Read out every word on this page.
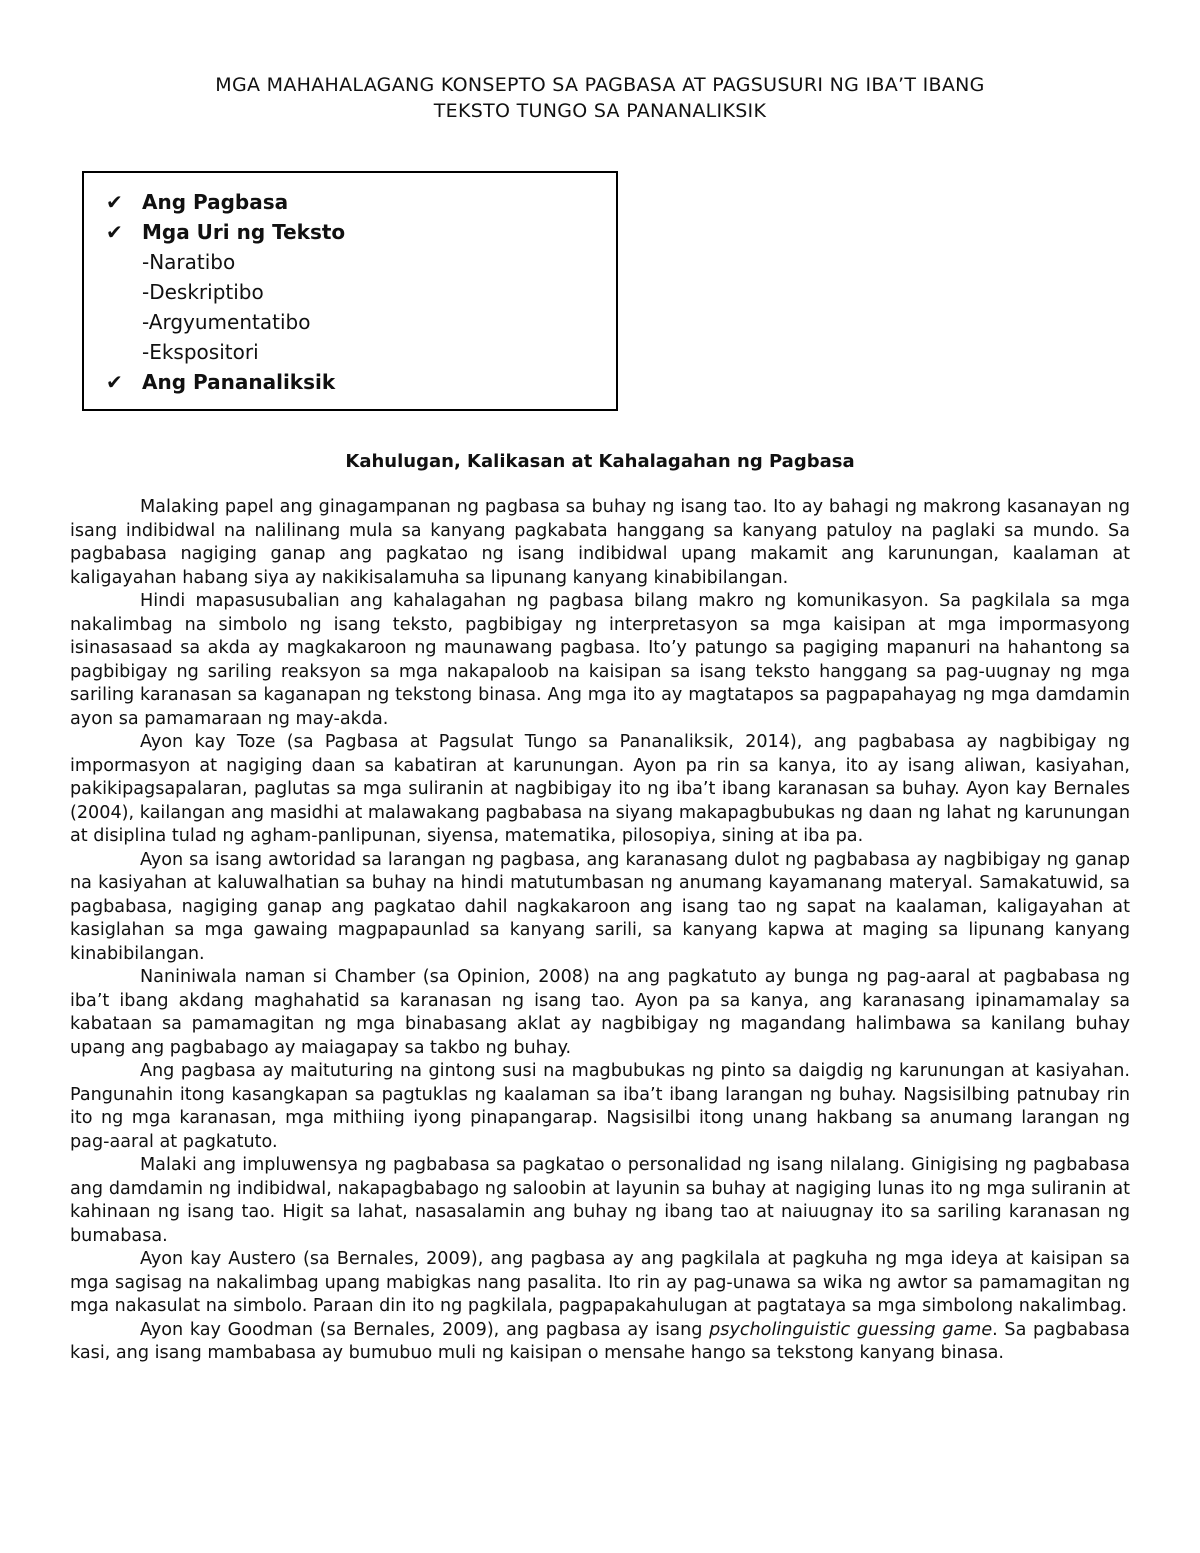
MGA MAHAHALAGANG KONSEPTO SA PAGBASA AT PAGSUSURI NG IBA’T IBANG
TEKSTO TUNGO SA PANANALIKSIK
✔ Ang Pagbasa
✔ Mga Uri ng Teksto
-Naratibo
-Deskriptibo
-Argyumentatibo
-Ekspositori
✔ Ang Pananaliksik
Kahulugan, Kalikasan at Kahalagahan ng Pagbasa

Malaking papel ang ginagampanan ng pagbasa sa buhay ng isang tao. Ito ay bahagi ng makrong kasanayan ng isang indibidwal na nalilinang mula sa kanyang pagkabata hanggang sa kanyang patuloy na paglaki sa mundo. Sa pagbabasa nagiging ganap ang pagkatao ng isang indibidwal upang makamit ang karunungan, kaalaman at kaligayahan habang siya ay nakikisalamuha sa lipunang kanyang kinabibilangan.

Hindi mapasusubalian ang kahalagahan ng pagbasa bilang makro ng komunikasyon. Sa pagkilala sa mga nakalimbag na simbolo ng isang teksto, pagbibigay ng interpretasyon sa mga kaisipan at mga impormasyong isinasasaad sa akda ay magkakaroon ng maunawang pagbasa. Ito’y patungo sa pagiging mapanuri na hahantong sa pagbibigay ng sariling reaksyon sa mga nakapaloob na kaisipan sa isang teksto hanggang sa pag-uugnay ng mga sariling karanasan sa kaganapan ng tekstong binasa. Ang mga ito ay magtatapos sa pagpapahayag ng mga damdamin ayon sa pamamaraan ng may-akda.

Ayon kay Toze (sa Pagbasa at Pagsulat Tungo sa Pananaliksik, 2014), ang pagbabasa ay nagbibigay ng impormasyon at nagiging daan sa kabatiran at karunungan. Ayon pa rin sa kanya, ito ay isang aliwan, kasiyahan, pakikipagsapalaran, paglutas sa mga suliranin at nagbibigay ito ng iba’t ibang karanasan sa buhay. Ayon kay Bernales (2004), kailangan ang masidhi at malawakang pagbabasa na siyang makapagbubukas ng daan ng lahat ng karunungan at disiplina tulad ng agham-panlipunan, siyensa, matematika, pilosopiya, sining at iba pa.

Ayon sa isang awtoridad sa larangan ng pagbasa, ang karanasang dulot ng pagbabasa ay nagbibigay ng ganap na kasiyahan at kaluwalhatian sa buhay na hindi matutumbasan ng anumang kayamanang materyal. Samakatuwid, sa pagbabasa, nagiging ganap ang pagkatao dahil nagkakaroon ang isang tao ng sapat na kaalaman, kaligayahan at kasiglahan sa mga gawaing magpapaunlad sa kanyang sarili, sa kanyang kapwa at maging sa lipunang kanyang kinabibilangan.

Naniniwala naman si Chamber (sa Opinion, 2008) na ang pagkatuto ay bunga ng pag-aaral at pagbabasa ng iba’t ibang akdang maghahatid sa karanasan ng isang tao. Ayon pa sa kanya, ang karanasang ipinamamalay sa kabataan sa pamamagitan ng mga binabasang aklat ay nagbibigay ng magandang halimbawa sa kanilang buhay upang ang pagbabago ay maiagapay sa takbo ng buhay.

Ang pagbasa ay maituturing na gintong susi na magbubukas ng pinto sa daigdig ng karunungan at kasiyahan. Pangunahin itong kasangkapan sa pagtuklas ng kaalaman sa iba’t ibang larangan ng buhay. Nagsisilbing patnubay rin ito ng mga karanasan, mga mithiing iyong pinapangarap. Nagsisilbi itong unang hakbang sa anumang larangan ng pag-aaral at pagkatuto.

Malaki ang impluwensya ng pagbabasa sa pagkatao o personalidad ng isang nilalang. Ginigising ng pagbabasa ang damdamin ng indibidwal, nakapagbabago ng saloobin at layunin sa buhay at nagiging lunas ito ng mga suliranin at kahinaan ng isang tao. Higit sa lahat, nasasalamin ang buhay ng ibang tao at naiuugnay ito sa sariling karanasan ng bumabasa.

Ayon kay Austero (sa Bernales, 2009), ang pagbasa ay ang pagkilala at pagkuha ng mga ideya at kaisipan sa mga sagisag na nakalimbag upang mabigkas nang pasalita. Ito rin ay pag-unawa sa wika ng awtor sa pamamagitan ng mga nakasulat na simbolo. Paraan din ito ng pagkilala, pagpapakahulugan at pagtataya sa mga simbolong nakalimbag.

Ayon kay Goodman (sa Bernales, 2009), ang pagbasa ay isang psycholinguistic guessing game. Sa pagbabasa kasi, ang isang mambabasa ay bumubuo muli ng kaisipan o mensahe hango sa tekstong kanyang binasa.
